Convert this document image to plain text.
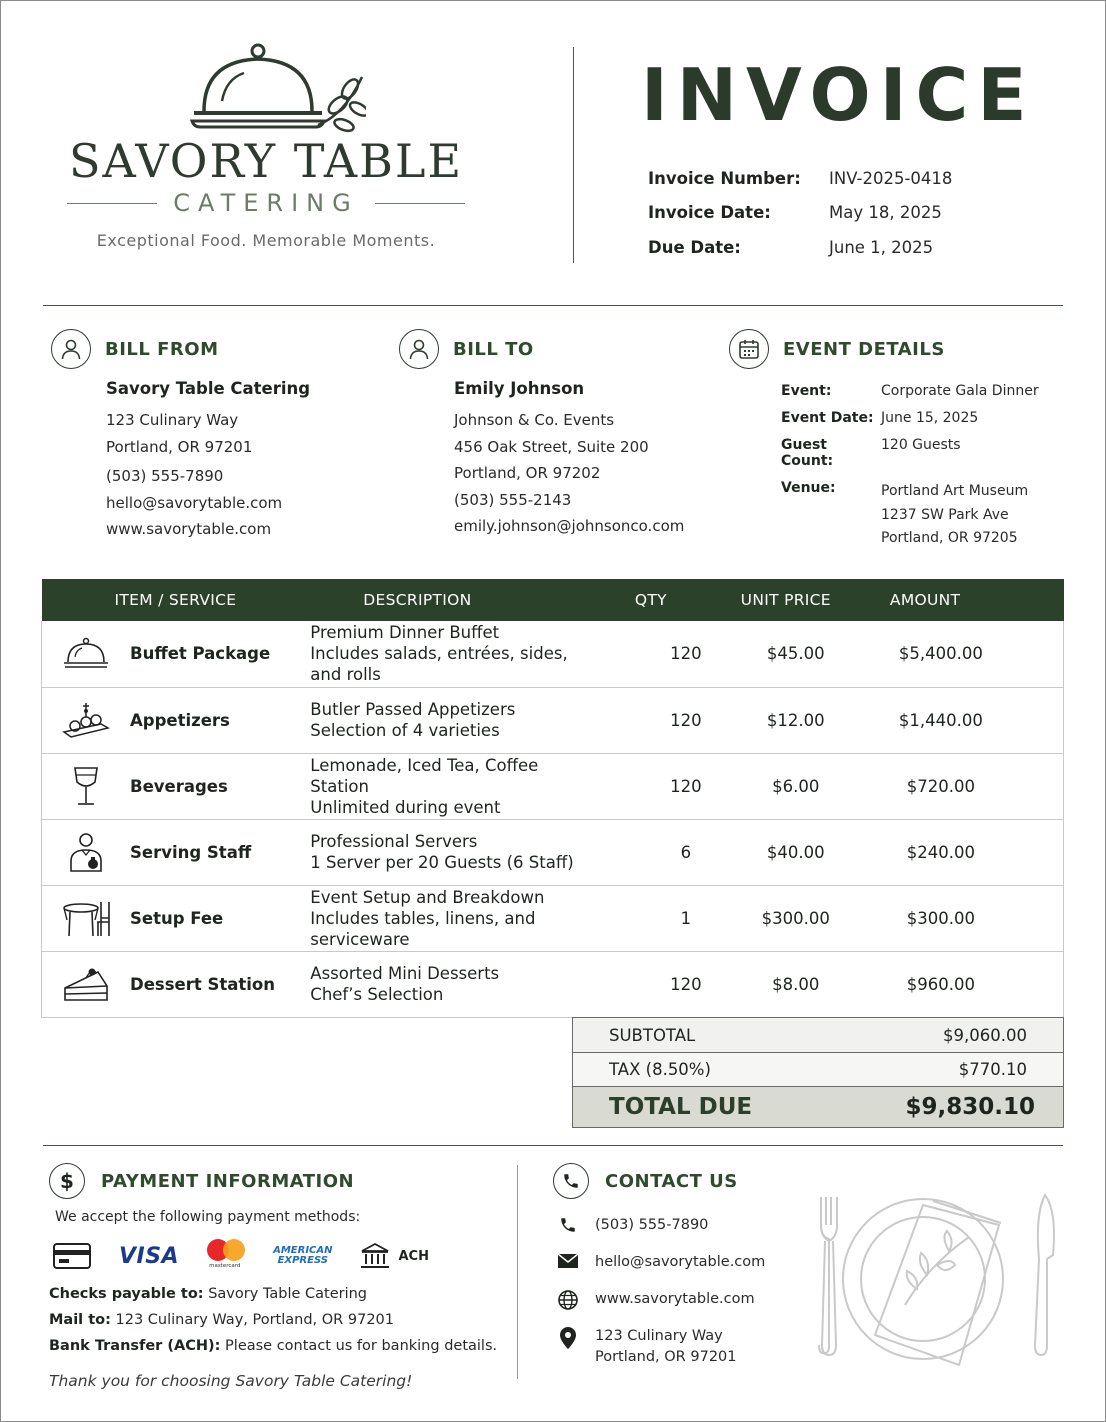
SAVORY TABLE
CATERING
Exceptional Food. Memorable Moments.
INVOICE
Invoice Number:	INV-2025-0418
Invoice Date:	May 18, 2025
Due Date:	June 1, 2025
BILL FROM
Savory Table Catering
123 Culinary Way
Portland, OR 97201
(503) 555-7890
hello@savorytable.com
www.savorytable.com
BILL TO
Emily Johnson
Johnson & Co. Events
456 Oak Street, Suite 200
Portland, OR 97202
(503) 555-2143
emily.johnson@johnsonco.com
EVENT DETAILS
Event:	Corporate Gala Dinner
Event Date: June 15, 2025
Guest Count:
120 Guests
Venue:	Portland Art Museum
1237 SW Park Ave
Portland, OR 97205
ITEM / SERVICE	DESCRIPTION	QTY	UNIT PRICE	AMOUNT

Buffet Package	Premium Dinner Buffet
Includes salads, entrées, sides, and rolls	120	$45.00	$5,400.00

Appetizers	Butler Passed Appetizers
Selection of 4 varieties	120	$12.00	$1,440.00

Beverages	Lemonade, Iced Tea, Coffee Station
Unlimited during event	120	$6.00	$720.00

Serving Staff	Professional Servers
1 Server per 20 Guests (6 Staff)	6	$40.00	$240.00

Setup Fee	Event Setup and Breakdown
Includes tables, linens, and serviceware	1	$300.00	$300.00

Dessert Station	Assorted Mini Desserts
Chef’s Selection	120	$8.00	$960.00
SUBTOTAL	$9,060.00
TAX (8.50%)	$770.10
TOTAL DUE	$9,830.10
$	PAYMENT INFORMATION
We accept the following payment methods:
VISA	mastercard
AMERICAN
EXPRESS	ACH
Checks payable to: Savory Table Catering
Mail to: 123 Culinary Way, Portland, OR 97201
Bank Transfer (ACH): Please contact us for banking details.
Thank you for choosing Savory Table Catering!
CONTACT US
(503) 555-7890
hello@savorytable.com
www.savorytable.com
123 Culinary Way
Portland, OR 97201
